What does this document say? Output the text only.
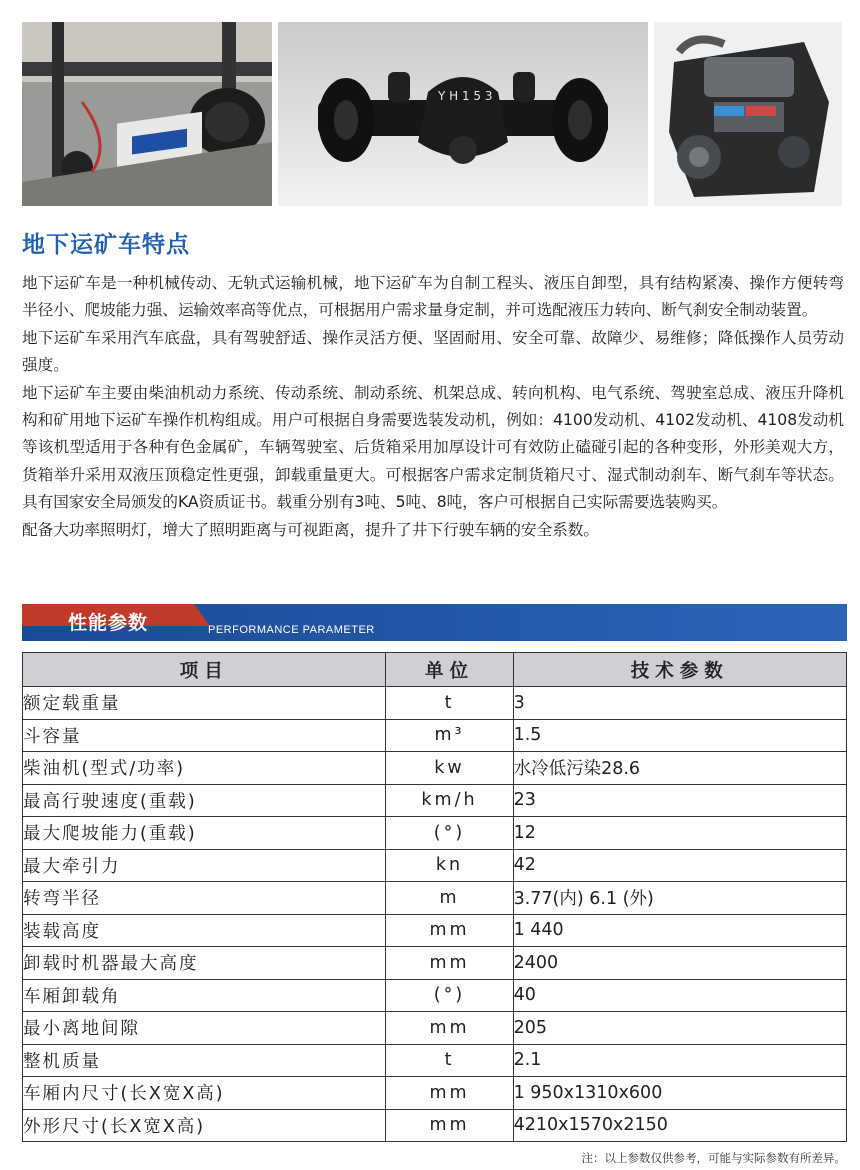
Y H 1 5 3
地下运矿车特点

地下运矿车是一种机械传动、无轨式运输机械，地下运矿车为自制工程头、液压自卸型，具有结构紧凑、操作方便转弯半径小、爬坡能力强、运输效率高等优点，可根据用户需求量身定制，并可选配液压力转向、断气刹安全制动装置。

地下运矿车采用汽车底盘，具有驾驶舒适、操作灵活方便、坚固耐用、安全可靠、故障少、易维修；降低操作人员劳动强度。

地下运矿车主要由柴油机动力系统、传动系统、制动系统、机架总成、转向机构、电气系统、驾驶室总成、液压升降机构和矿用地下运矿车操作机构组成。用户可根据自身需要选装发动机，例如：4100发动机、4102发动机、4108发动机等该机型适用于各种有色金属矿，车辆驾驶室、后货箱采用加厚设计可有效防止磕碰引起的各种变形，外形美观大方，货箱举升采用双液压顶稳定性更强，卸载重量更大。可根据客户需求定制货箱尺寸、湿式制动刹车、断气刹车等状态。具有国家安全局颁发的KA资质证书。载重分别有3吨、5吨、8吨，客户可根据自己实际需要选装购买。

配备大功率照明灯，增大了照明距离与可视距离，提升了井下行驶车辆的安全系数。

性能参数	PERFORMANCE PARAMETER
项目	单位	技术参数
额定载重量	t	3
斗容量	m³	1.5
柴油机(型式/功率)	kw	水冷低污染28.6
最高行驶速度(重载)	km/h	23
最大爬坡能力(重载)	(°)	12
最大牵引力	kn	42
转弯半径	m	3.77(内) 6.1 (外)
装载高度	mm	1 440
卸载时机器最大高度	mm	2400
车厢卸载角	(°)	40
最小离地间隙	mm	205
整机质量	t	2.1
车厢内尺寸(长X宽X高)	mm	1 950x1310x600
外形尺寸(长X宽X高)	mm	4210x1570x2150
注：以上参数仅供参考，可能与实际参数有所差异。
